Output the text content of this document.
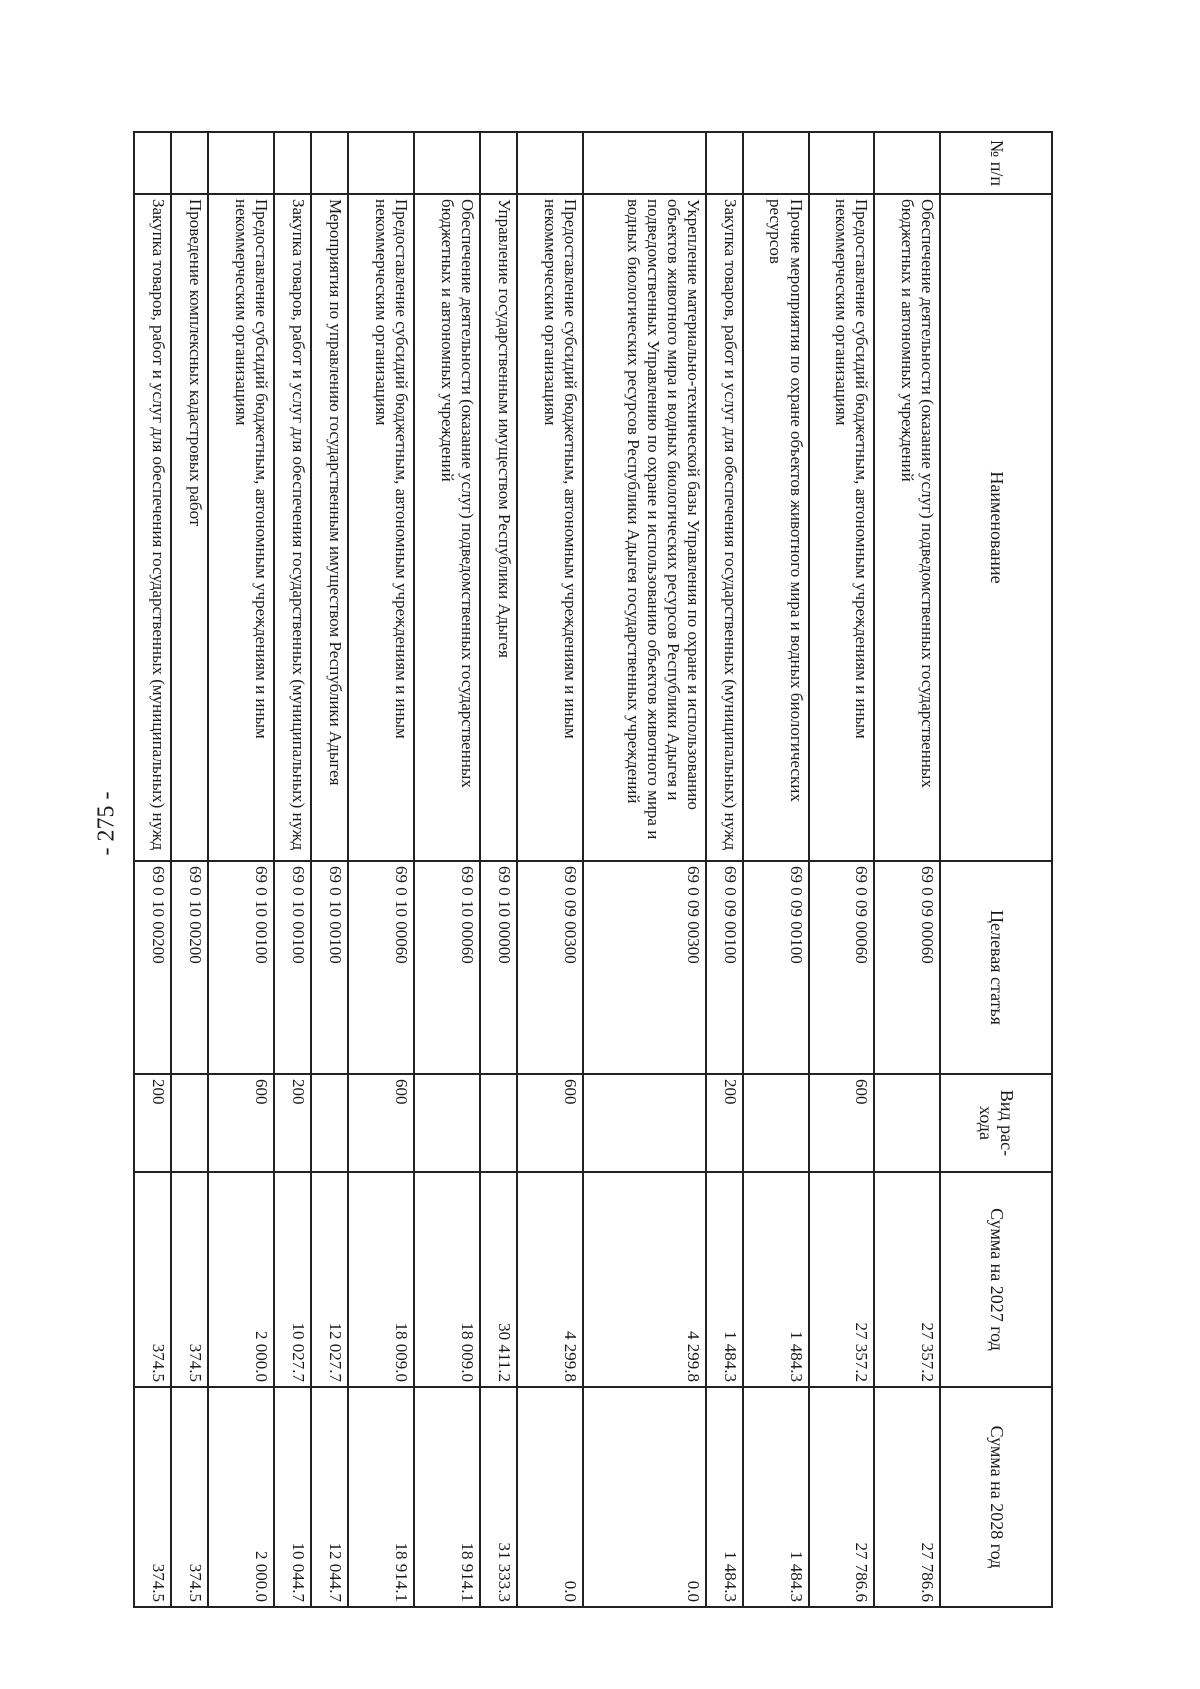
- 275 -
№ п/п	Наименование	Целевая статья	Вид рас-хода	Сумма на 2027 год	Сумма на 2028 год
	Обеспечение деятельности (оказание услуг) подведомственных государственных бюджетных и автономных учреждений	69 0 09 00060		27 357.2	27 786.6
	Предоставление субсидий бюджетным, автономным учреждениям и иным некоммерческим организациям	69 0 09 00060	600	27 357.2	27 786.6
	Прочие мероприятия по охране объектов животного мира и водных биологических ресурсов	69 0 09 00100		1 484.3	1 484.3
	Закупка товаров, работ и услуг для обеспечения государственных (муниципальных) нужд	69 0 09 00100	200	1 484.3	1 484.3
	Укрепление материально-технической базы Управления по охране и использованию объектов животного мира и водных биологических ресурсов Республики Адыгея и подведомственных Управлению по охране и использованию объектов животного мира и водных биологических ресурсов Республики Адыгея государственных учреждений	69 0 09 00300		4 299.8	0.0
	Предоставление субсидий бюджетным, автономным учреждениям и иным некоммерческим организациям	69 0 09 00300	600	4 299.8	0.0
	Управление государственным имуществом Республики Адыгея	69 0 10 00000		30 411.2	31 333.3
	Обеспечение деятельности (оказание услуг) подведомственных государственных бюджетных и автономных учреждений	69 0 10 00060		18 009.0	18 914.1
	Предоставление субсидий бюджетным, автономным учреждениям и иным некоммерческим организациям	69 0 10 00060	600	18 009.0	18 914.1
	Мероприятия по управлению государственным имуществом Республики Адыгея	69 0 10 00100		12 027.7	12 044.7
	Закупка товаров, работ и услуг для обеспечения государственных (муниципальных) нужд	69 0 10 00100	200	10 027.7	10 044.7
	Предоставление субсидий бюджетным, автономным учреждениям и иным некоммерческим организациям	69 0 10 00100	600	2 000.0	2 000.0
	Проведение комплексных кадастровых работ	69 0 10 00200		374.5	374.5
	Закупка товаров, работ и услуг для обеспечения государственных (муниципальных) нужд	69 0 10 00200	200	374.5	374.5
